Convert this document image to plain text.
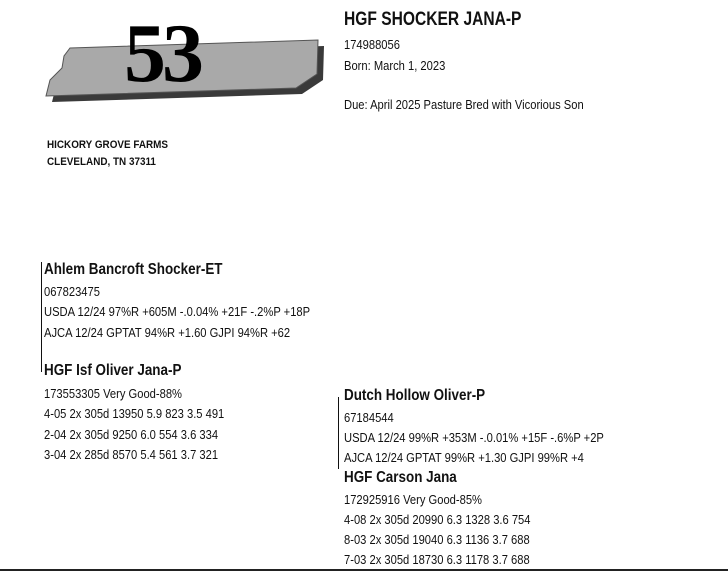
53	HGF SHOCKER JANA-P
174988056
Born: March 1, 2023
Due: April 2025 Pasture Bred with Vicorious Son
HICKORY GROVE FARMS
CLEVELAND, TN 37311
Ahlem Bancroft Shocker-ET
067823475
USDA 12/24 97%R +605M -.0.04% +21F -.2%P +18P
AJCA 12/24 GPTAT 94%R +1.60 GJPI 94%R +62
HGF Isf Oliver Jana-P
173553305 Very Good-88%
4-05 2x 305d 13950 5.9 823 3.5 491
2-04 2x 305d 9250 6.0 554 3.6 334
3-04 2x 285d 8570 5.4 561 3.7 321
Dutch Hollow Oliver-P
67184544
USDA 12/24 99%R +353M -.0.01% +15F -.6%P +2P
AJCA 12/24 GPTAT 99%R +1.30 GJPI 99%R +4
HGF Carson Jana
172925916 Very Good-85%
4-08 2x 305d 20990 6.3 1328 3.6 754
8-03 2x 305d 19040 6.3 1136 3.7 688
7-03 2x 305d 18730 6.3 1178 3.7 688
